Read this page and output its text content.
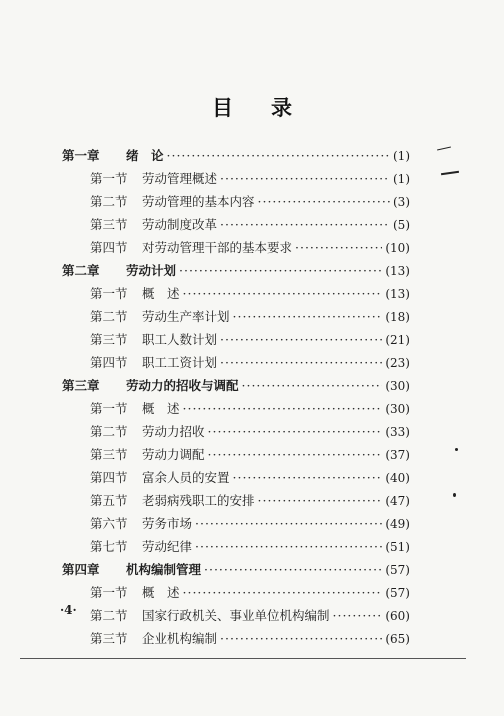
目 录
第一章	绪　论 ·····	(1)
第一节	劳动管理概述 ·····	(1)
第二节	劳动管理的基本内容 ·····	(3)
第三节	劳动制度改革 ·····	(5)
第四节	对劳动管理干部的基本要求 ·····	(10)
第二章	劳动计划 ·····	(13)
第一节	概　述 ·····	(13)
第二节	劳动生产率计划 ·····	(18)
第三节	职工人数计划 ·····	(21)
第四节	职工工资计划 ·····	(23)
第三章	劳动力的招收与调配 ·····	(30)
第一节	概　述 ·····	(30)
第二节	劳动力招收 ·····	(33)
第三节	劳动力调配 ·····	(37)
第四节	富余人员的安置 ·····	(40)
第五节	老弱病残职工的安排 ·····	(47)
第六节	劳务市场 ·····	(49)
第七节	劳动纪律 ·····	(51)
第四章	机构编制管理 ·····	(57)
第一节	概　述 ·····	(57)
第二节	国家行政机关、事业单位机构编制 ·····	(60)
第三节	企业机构编制 ·····	(65)
·4·
